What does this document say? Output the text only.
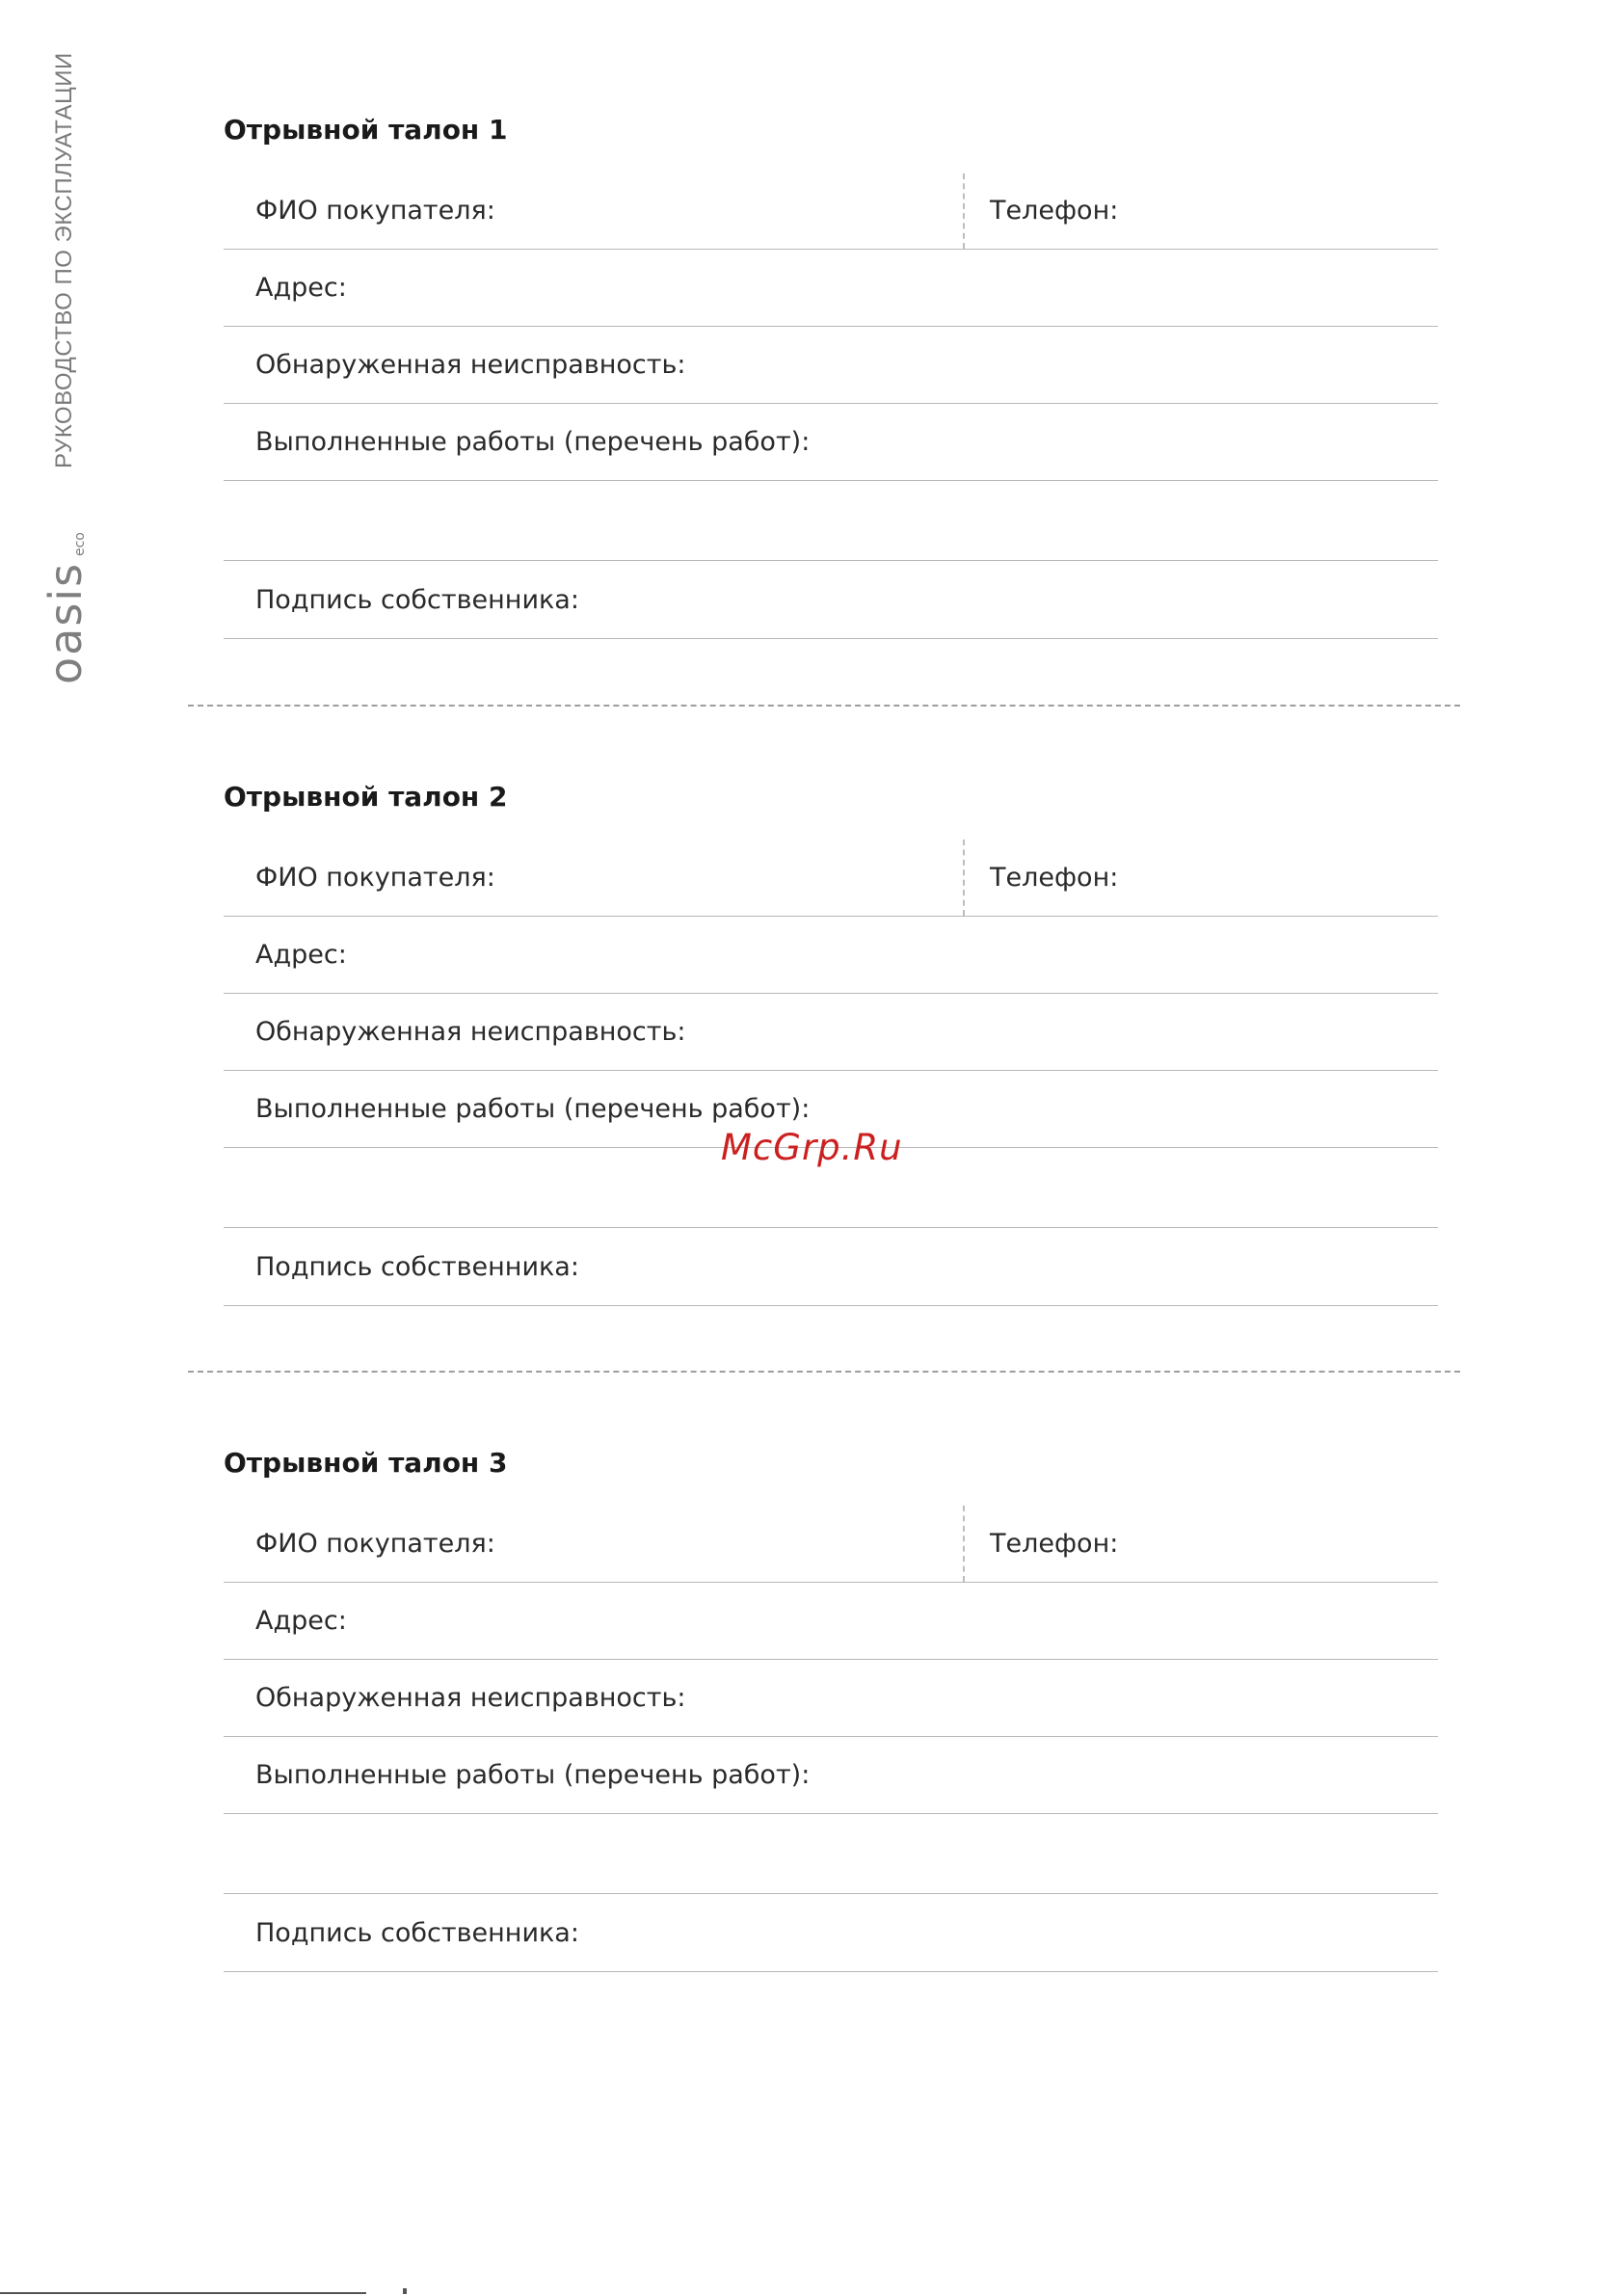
РУКОВОДСТВО ПО ЭКСПЛУАТАЦИИ
oasis
eco
Отрывной талон 1
ФИО покупателя:	Телефон:
Адрес:
Обнаруженная неисправность:
Выполненные работы (перечень работ):
Подпись собственника:
Отрывной талон 2
ФИО покупателя:	Телефон:
Адрес:
Обнаруженная неисправность:
Выполненные работы (перечень работ):
Подпись собственника:
Отрывной талон 3
ФИО покупателя:	Телефон:
Адрес:
Обнаруженная неисправность:
Выполненные работы (перечень работ):
Подпись собственника:
McGrp.Ru
